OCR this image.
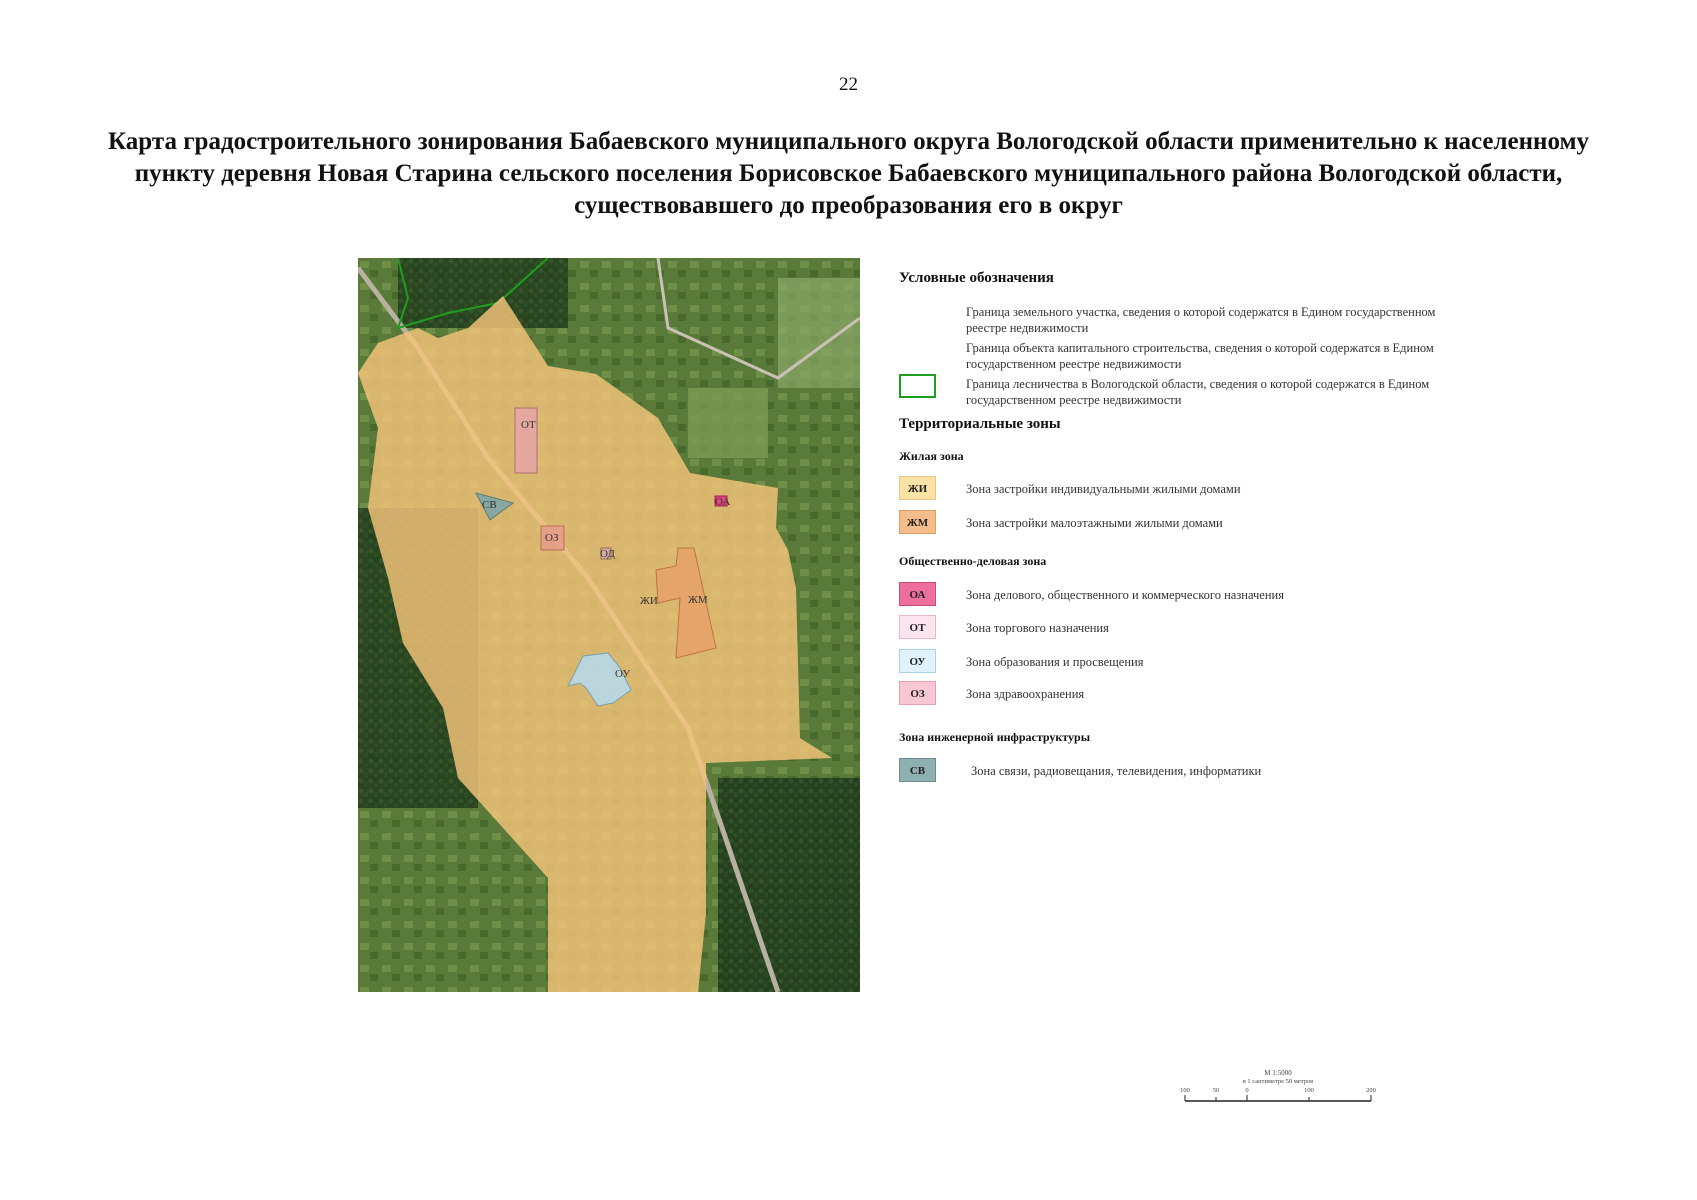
22
Карта градостроительного зонирования Бабаевского муниципального округа Вологодской области применительно к населенному пункту деревня Новая Старина сельского поселения Борисовское Бабаевского муниципального района Вологодской области, существовавшего до преобразования его в округ
ОТ
СВ
ОЗ
ОА
ОД
ЖИ	ЖМ
ОУ
Условные обозначения
Граница земельного участка, сведения о которой содержатся в Едином государственном реестре недвижимости
Граница объекта капитального строительства, сведения о которой содержатся в Едином государственном реестре недвижимости
Граница лесничества в Вологодской области, сведения о которой содержатся в Едином государственном реестре недвижимости
Территориальные зоны
Жилая зона
ЖИ	Зона застройки индивидуальными жилыми домами
ЖМ	Зона застройки малоэтажными жилыми домами
Общественно-деловая зона
ОА	Зона делового, общественного и коммерческого назначения
ОТ	Зона торгового назначения
ОУ	Зона образования и просвещения
ОЗ	Зона здравоохранения
Зона инженерной инфраструктуры
СВ	Зона связи, радиовещания, телевидения, информатики
М 1:5000
в 1 сантиметре 50 метров
100	50	0	100	200
